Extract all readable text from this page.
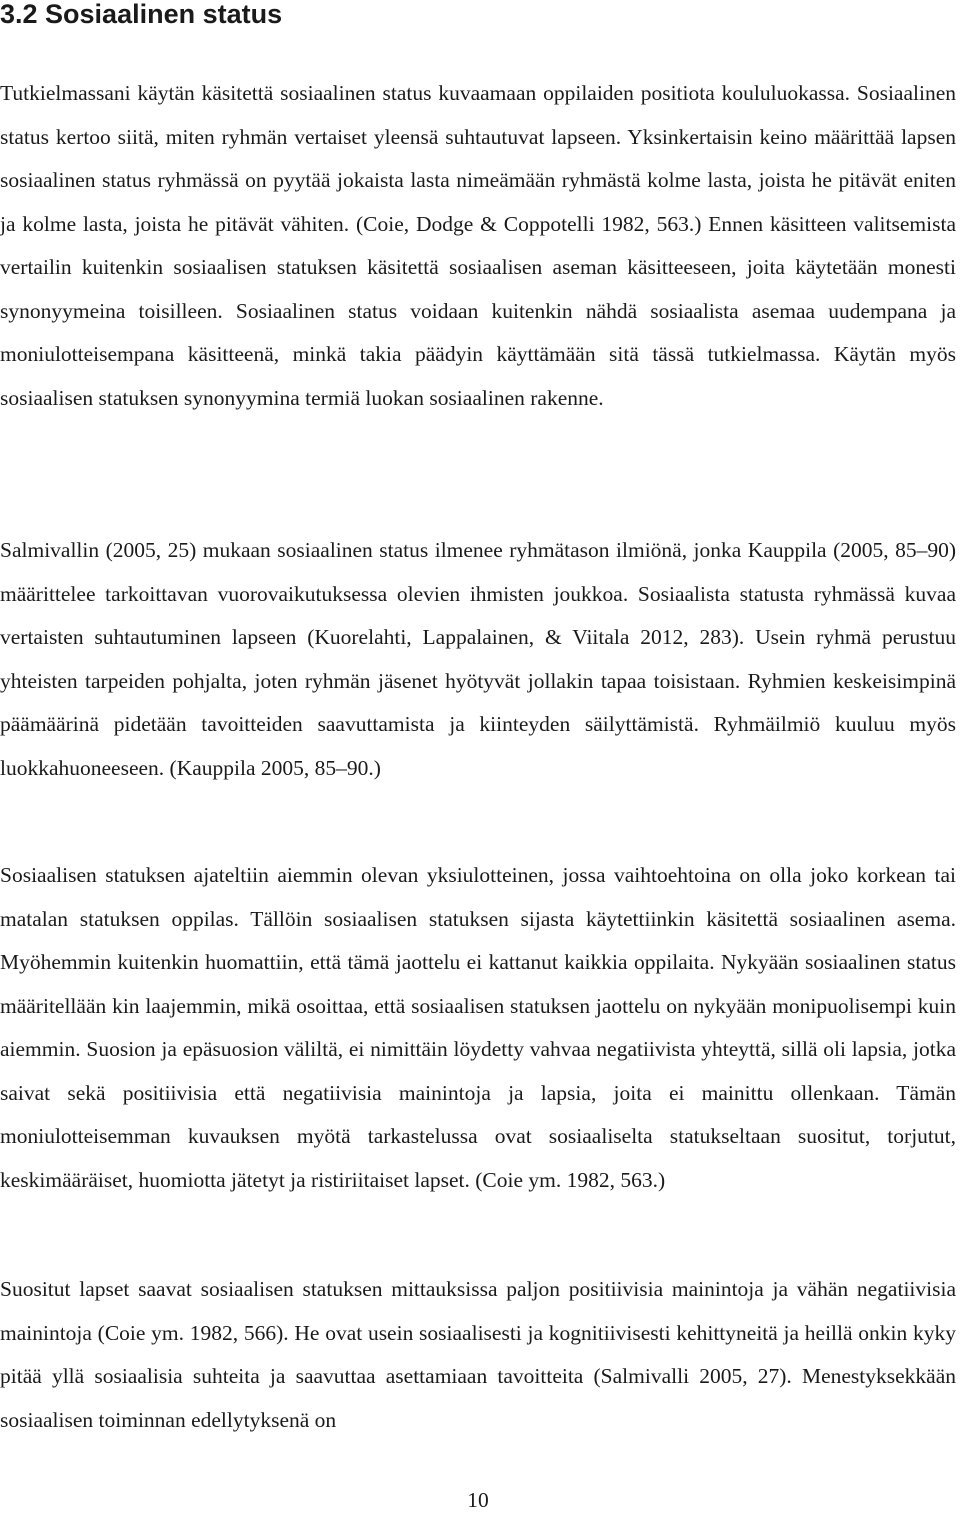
3.2 Sosiaalinen status

Tutkielmassani käytän käsitettä sosiaalinen status kuvaamaan oppilaiden positiota koululuokassa. Sosiaalinen status kertoo siitä, miten ryhmän vertaiset yleensä suhtautuvat lapseen. Yksinkertaisin keino määrittää lapsen sosiaalinen status ryhmässä on pyytää jokaista lasta nimeämään ryhmästä kolme lasta, joista he pitävät eniten ja kolme lasta, joista he pitävät vähiten. (Coie, Dodge & Coppotelli 1982, 563.) Ennen käsitteen valitsemista vertailin kuitenkin sosiaalisen statuksen käsitettä sosiaalisen aseman käsitteeseen, joita käytetään monesti synonyymeina toisilleen. Sosiaalinen status voidaan kuitenkin nähdä sosiaalista asemaa uudempana ja moniulotteisempana käsitteenä, minkä takia päädyin käyttämään sitä tässä tutkielmassa. Käytän myös sosiaalisen statuksen synonyymina termiä luokan sosiaalinen rakenne.

Salmivallin (2005, 25) mukaan sosiaalinen status ilmenee ryhmätason ilmiönä, jonka Kauppila (2005, 85–90) määrittelee tarkoittavan vuorovaikutuksessa olevien ihmisten joukkoa. Sosiaalista statusta ryhmässä kuvaa vertaisten suhtautuminen lapseen (Kuorelahti, Lappalainen, & Viitala 2012, 283). Usein ryhmä perustuu yhteisten tarpeiden pohjalta, joten ryhmän jäsenet hyötyvät jollakin tapaa toisistaan. Ryhmien keskeisimpinä päämäärinä pidetään tavoitteiden saavuttamista ja kiinteyden säilyttämistä. Ryhmäilmiö kuuluu myös luokkahuoneeseen. (Kauppila 2005, 85–90.)

Sosiaalisen statuksen ajateltiin aiemmin olevan yksiulotteinen, jossa vaihtoehtoina on olla joko korkean tai matalan statuksen oppilas. Tällöin sosiaalisen statuksen sijasta käytettiinkin käsitettä sosiaalinen asema. Myöhemmin kuitenkin huomattiin, että tämä jaottelu ei kattanut kaikkia oppilaita. Nykyään sosiaalinen status määritellään kin laajemmin, mikä osoittaa, että sosiaalisen statuksen jaottelu on nykyään monipuolisempi kuin aiemmin. Suosion ja epäsuosion väliltä, ei nimittäin löydetty vahvaa negatiivista yhteyttä, sillä oli lapsia, jotka saivat sekä positiivisia että negatiivisia mainintoja ja lapsia, joita ei mainittu ollenkaan. Tämän moniulotteisemman kuvauksen myötä tarkastelussa ovat sosiaaliselta statukseltaan suositut, torjutut, keskimääräiset, huomiotta jätetyt ja ristiriitaiset lapset. (Coie ym. 1982, 563.)

Suositut lapset saavat sosiaalisen statuksen mittauksissa paljon positiivisia mainintoja ja vähän negatiivisia mainintoja (Coie ym. 1982, 566). He ovat usein sosiaalisesti ja kognitiivisesti kehittyneitä ja heillä onkin kyky pitää yllä sosiaalisia suhteita ja saavuttaa asettamiaan tavoitteita (Salmivalli 2005, 27). Menestyksekkään sosiaalisen toiminnan edellytyksenä on

10
